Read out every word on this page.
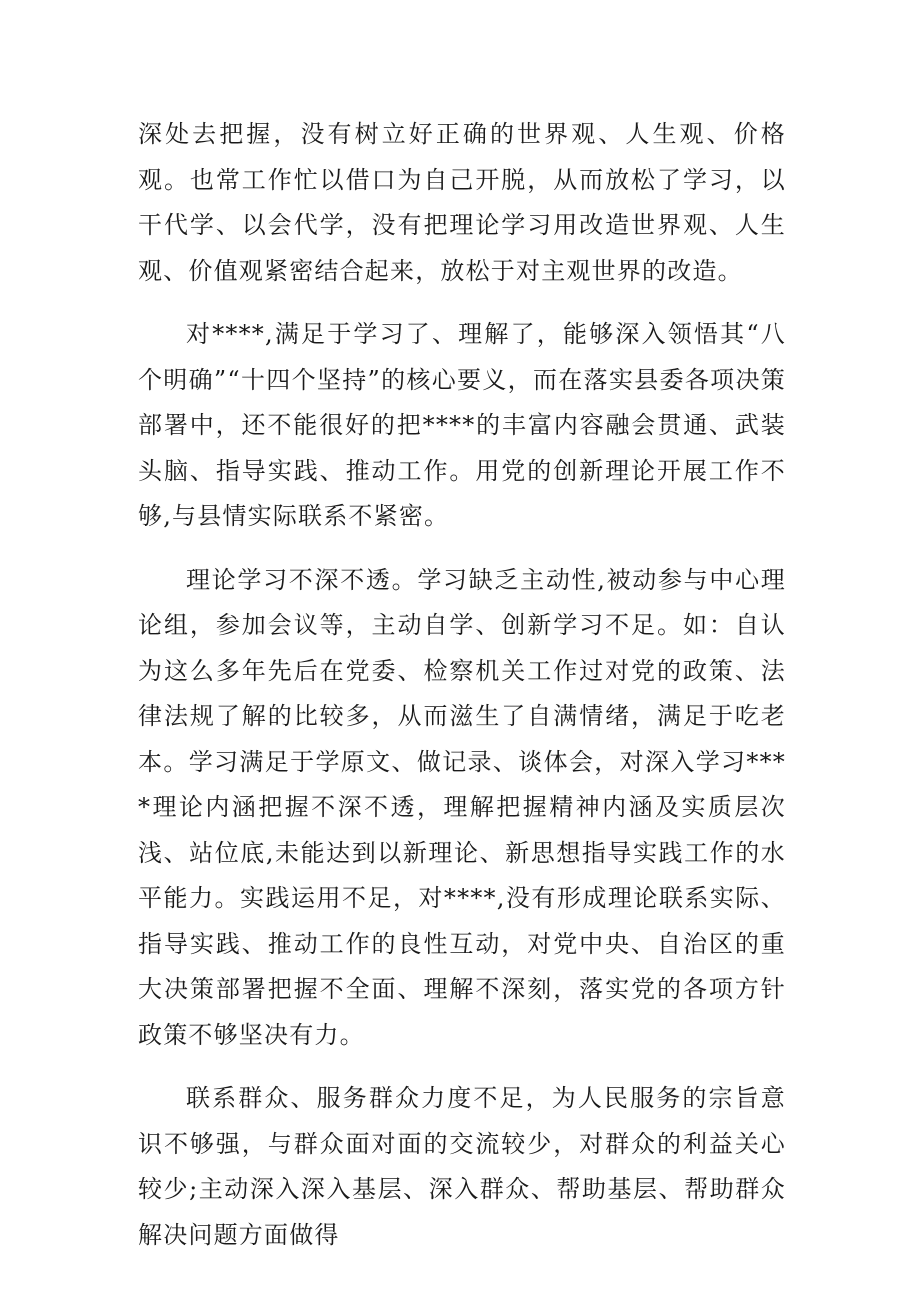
深处去把握，没有树立好正确的世界观、人生观、价格观。也常工作忙以借口为自己开脱，从而放松了学习，以干代学、以会代学，没有把理论学习用改造世界观、人生观、价值观紧密结合起来，放松于对主观世界的改造。

对****,满足于学习了、理解了，能够深入领悟其“八个明确”“十四个坚持”的核心要义，而在落实县委各项决策部署中，还不能很好的把****的丰富内容融会贯通、武装头脑、指导实践、推动工作。用党的创新理论开展工作不够,与县情实际联系不紧密。

理论学习不深不透。学习缺乏主动性,被动参与中心理论组，参加会议等，主动自学、创新学习不足。如：自认为这么多年先后在党委、检察机关工作过对党的政策、法律法规了解的比较多，从而滋生了自满情绪，满足于吃老本。学习满足于学原文、做记录、谈体会，对深入学习****理论内涵把握不深不透，理解把握精神内涵及实质层次浅、站位底,未能达到以新理论、新思想指导实践工作的水平能力。实践运用不足，对****,没有形成理论联系实际、指导实践、推动工作的良性互动，对党中央、自治区的重大决策部署把握不全面、理解不深刻，落实党的各项方针政策不够坚决有力。

联系群众、服务群众力度不足，为人民服务的宗旨意识不够强，与群众面对面的交流较少，对群众的利益关心较少;主动深入深入基层、深入群众、帮助基层、帮助群众解决问题方面做得
